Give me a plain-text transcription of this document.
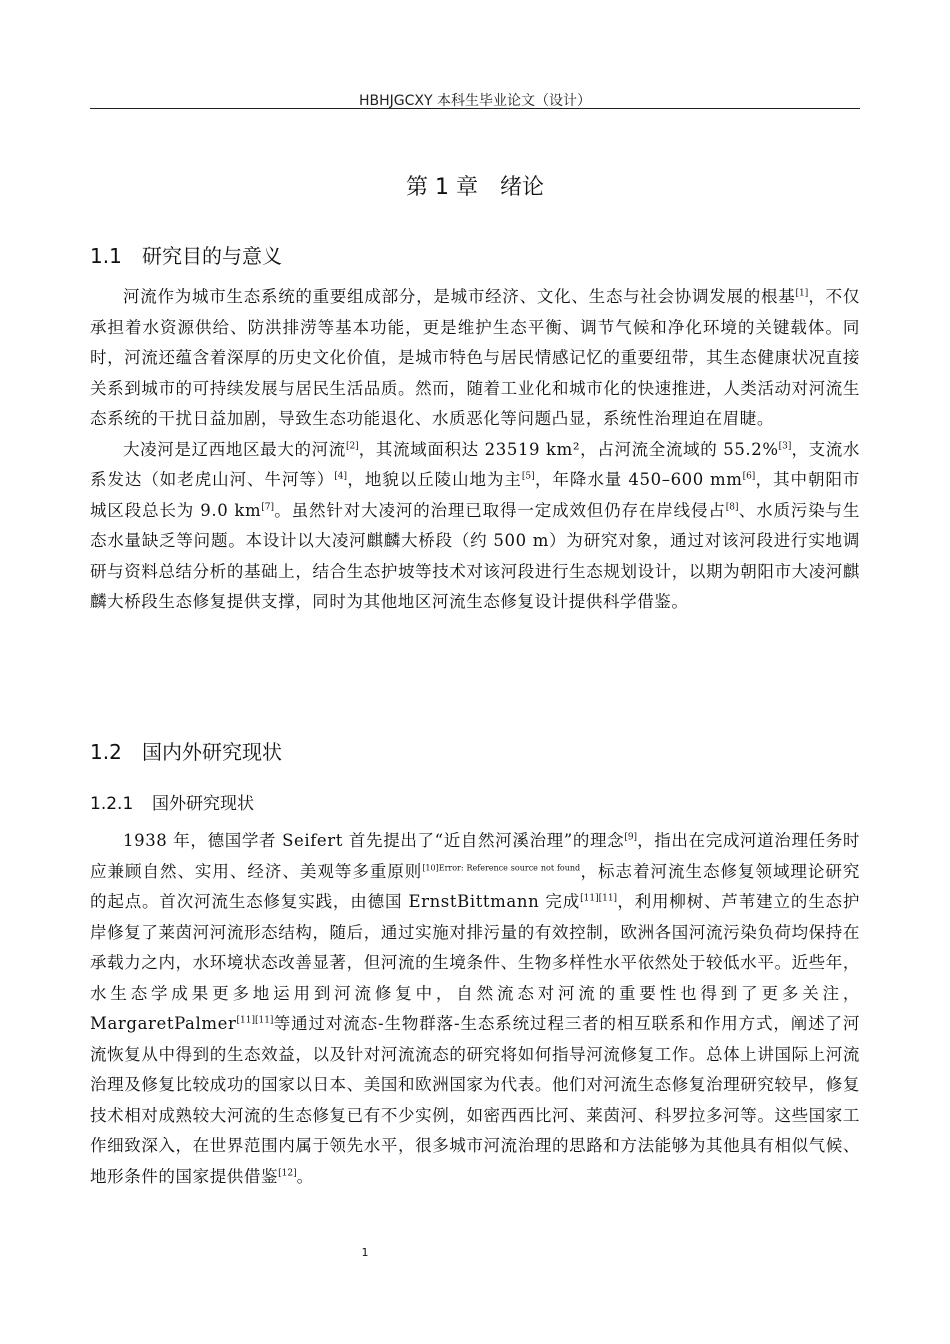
HBHJGCXY 本科生毕业论文（设计）
第 1 章　绪论
1.1 研究目的与意义

河流作为城市生态系统的重要组成部分，是城市经济、文化、生态与社会协调发展的根基[1]，不仅承担着水资源供给、防洪排涝等基本功能，更是维护生态平衡、调节气候和净化环境的关键载体。同时，河流还蕴含着深厚的历史文化价值，是城市特色与居民情感记忆的重要纽带，其生态健康状况直接关系到城市的可持续发展与居民生活品质。然而，随着工业化和城市化的快速推进，人类活动对河流生态系统的干扰日益加剧，导致生态功能退化、水质恶化等问题凸显，系统性治理迫在眉睫。

大凌河是辽西地区最大的河流[2]，其流域面积达 23519 km²，占河流全流域的 55.2%[3]，支流水系发达（如老虎山河、牛河等）[4]，地貌以丘陵山地为主[5]，年降水量 450–600 mm[6]，其中朝阳市城区段总长为 9.0 km[7]。虽然针对大凌河的治理已取得一定成效但仍存在岸线侵占[8]、水质污染与生态水量缺乏等问题。本设计以大凌河麒麟大桥段（约 500 m）为研究对象，通过对该河段进行实地调研与资料总结分析的基础上，结合生态护坡等技术对该河段进行生态规划设计，以期为朝阳市大凌河麒麟大桥段生态修复提供支撑，同时为其他地区河流生态修复设计提供科学借鉴。

1.2 国内外研究现状
1.2.1 国外研究现状

1938 年，德国学者 Seifert 首先提出了“近自然河溪治理”的理念[9]，指出在完成河道治理任务时应兼顾自然、实用、经济、美观等多重原则$^{[10]Error: Reference source not found}$，标志着河流生态修复领域理论研究的起点。首次河流生态修复实践，由德国 ErnstBittmann 完成[11][11]，利用柳树、芦苇建立的生态护岸修复了莱茵河河流形态结构，随后，通过实施对排污量的有效控制，欧洲各国河流污染负荷均保持在承载力之内，水环境状态改善显著，但河流的生境条件、生物多样性水平依然处于较低水平。近些年，水生态学成果更多地运用到河流修复中，自然流态对河流的重要性也得到了更多关注，MargaretPalmer[11][11]等通过对流态-生物群落-生态系统过程三者的相互联系和作用方式，阐述了河流恢复从中得到的生态效益，以及针对河流流态的研究将如何指导河流修复工作。总体上讲国际上河流治理及修复比较成功的国家以日本、美国和欧洲国家为代表。他们对河流生态修复治理研究较早，修复技术相对成熟较大河流的生态修复已有不少实例，如密西西比河、莱茵河、科罗拉多河等。这些国家工作细致深入，在世界范围内属于领先水平，很多城市河流治理的思路和方法能够为其他具有相似气候、地形条件的国家提供借鉴[12]。

1
